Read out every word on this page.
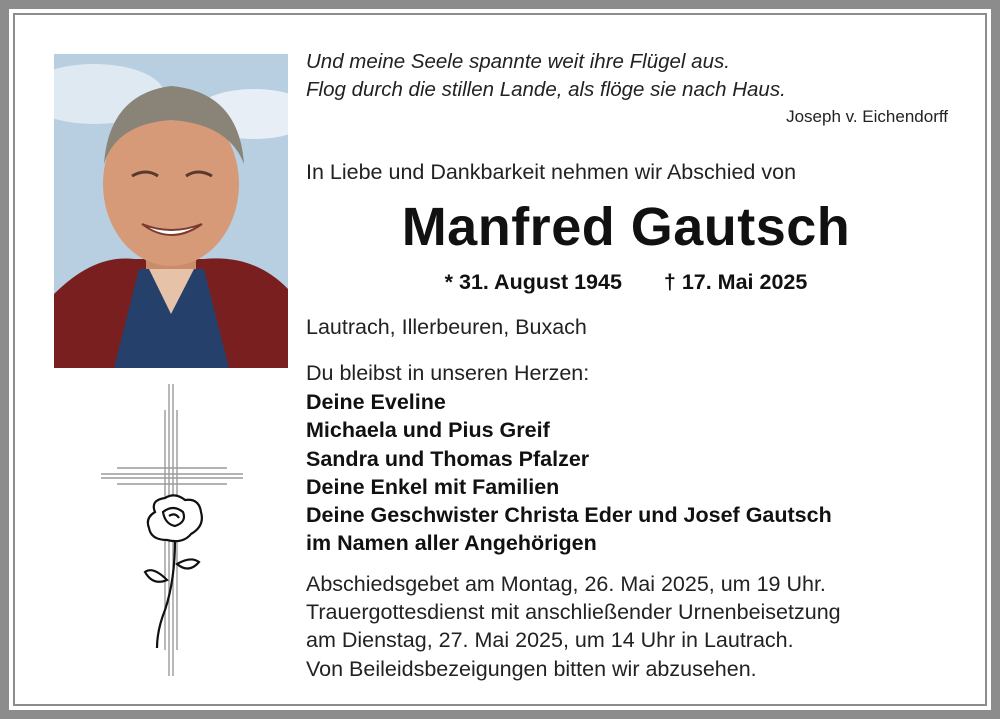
Und meine Seele spannte weit ihre Flügel aus.
Flog durch die stillen Lande, als flöge sie nach Haus.
Joseph v. Eichendorff
In Liebe und Dankbarkeit nehmen wir Abschied von
Manfred Gautsch
* 31. August 1945 † 17. Mai 2025
Lautrach, Illerbeuren, Buxach
Du bleibst in unseren Herzen:
Deine Eveline
Michaela und Pius Greif
Sandra und Thomas Pfalzer
Deine Enkel mit Familien
Deine Geschwister Christa Eder und Josef Gautsch
im Namen aller Angehörigen
Abschiedsgebet am Montag, 26. Mai 2025, um 19 Uhr.
Trauergottesdienst mit anschließender Urnenbeisetzung
am Dienstag, 27. Mai 2025, um 14 Uhr in Lautrach.
Von Beileidsbezeigungen bitten wir abzusehen.
